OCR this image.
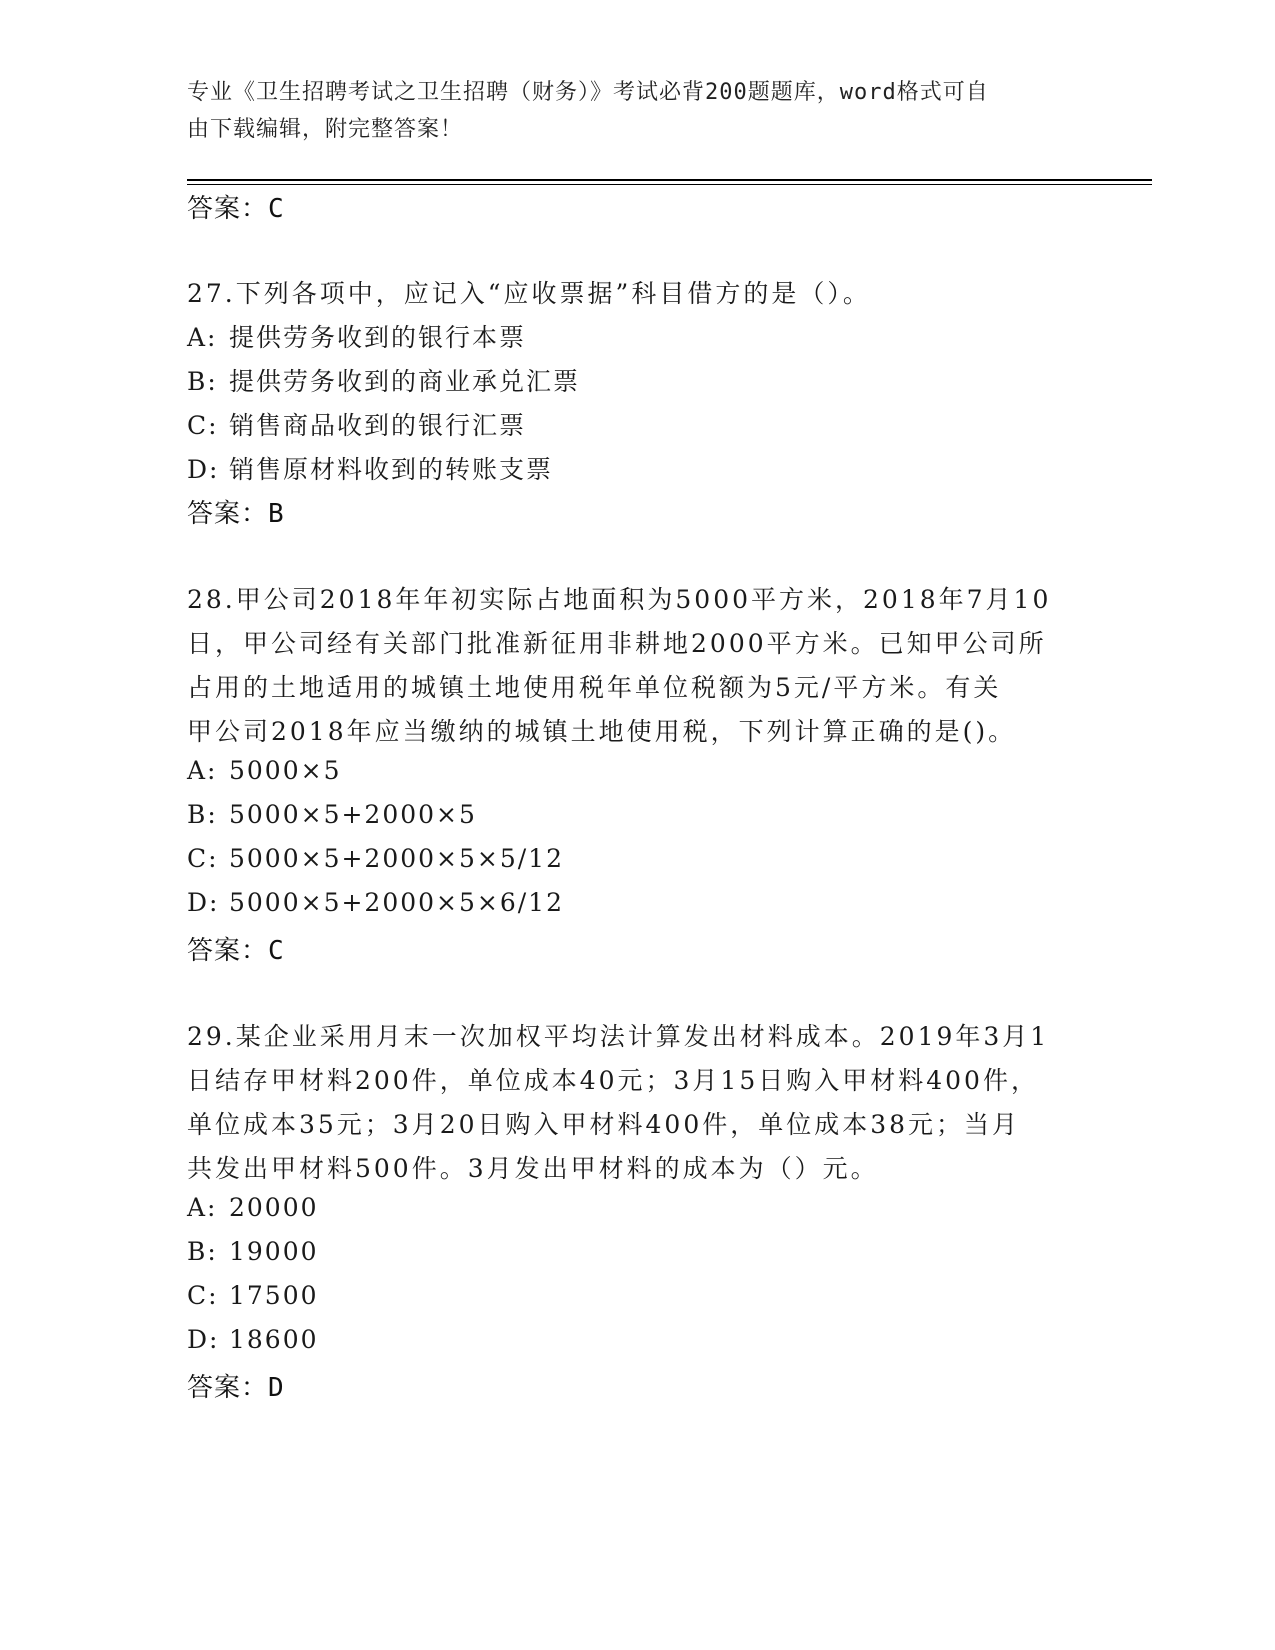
专业《卫生招聘考试之卫生招聘（财务）》考试必背200题题库，word格式可自
由下载编辑，附完整答案！
答案：C
27.下列各项中，应记入“应收票据”科目借方的是（）。
A: 提供劳务收到的银行本票
B: 提供劳务收到的商业承兑汇票
C: 销售商品收到的银行汇票
D: 销售原材料收到的转账支票
答案：B
28.甲公司2018年年初实际占地面积为5000平方米，2018年7月10
日，甲公司经有关部门批准新征用非耕地2000平方米。已知甲公司所
占用的土地适用的城镇土地使用税年单位税额为5元/平方米。有关
甲公司2018年应当缴纳的城镇土地使用税，下列计算正确的是()。
A: 5000×5
B: 5000×5+2000×5
C: 5000×5+2000×5×5/12
D: 5000×5+2000×5×6/12
答案：C
29.某企业采用月末一次加权平均法计算发出材料成本。2019年3月1
日结存甲材料200件，单位成本40元；3月15日购入甲材料400件，
单位成本35元；3月20日购入甲材料400件，单位成本38元；当月
共发出甲材料500件。3月发出甲材料的成本为（）元。
A: 20000
B: 19000
C: 17500
D: 18600
答案：D
